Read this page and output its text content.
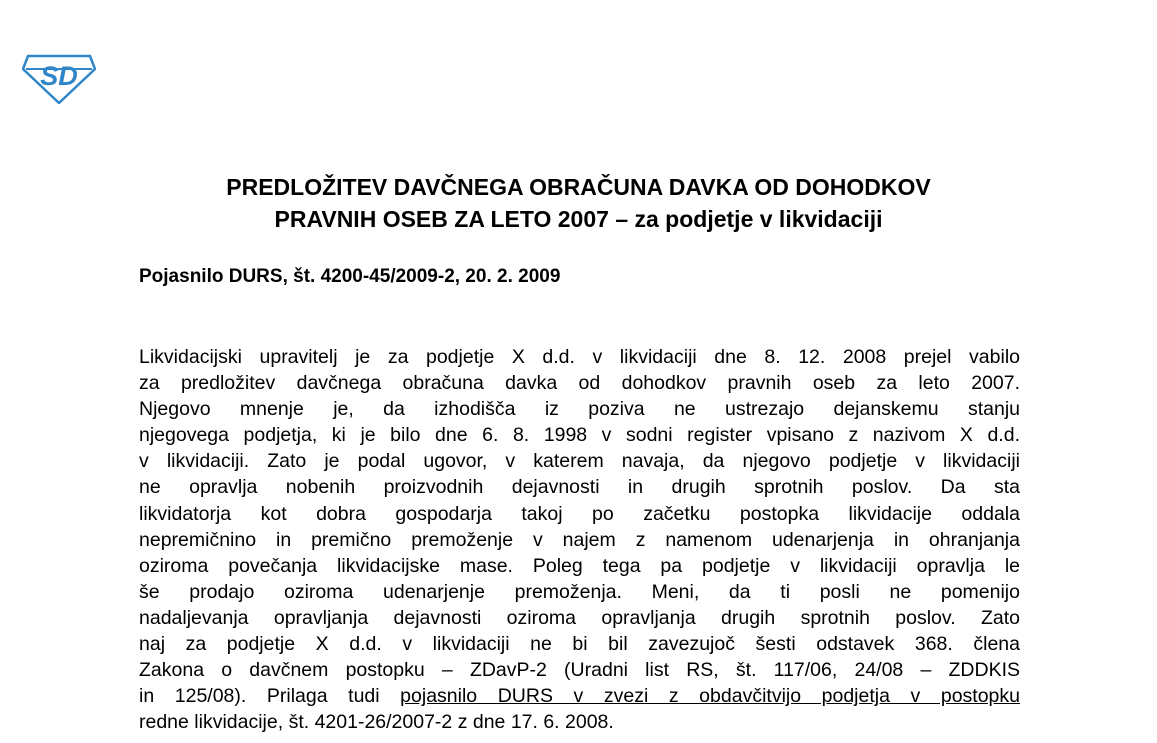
SD
PREDLOŽITEV DAVČNEGA OBRAČUNA DAVKA OD DOHODKOV
PRAVNIH OSEB ZA LETO 2007 – za podjetje v likvidaciji
Pojasnilo DURS, št. 4200-45/2009-2, 20. 2. 2009
Likvidacijski upravitelj je za podjetje X d.d. v likvidaciji dne 8. 12. 2008 prejel vabilo
za predložitev davčnega obračuna davka od dohodkov pravnih oseb za leto 2007.
Njegovo mnenje je, da izhodišča iz poziva ne ustrezajo dejanskemu stanju
njegovega podjetja, ki je bilo dne 6. 8. 1998 v sodni register vpisano z nazivom X d.d.
v likvidaciji. Zato je podal ugovor, v katerem navaja, da njegovo podjetje v likvidaciji
ne opravlja nobenih proizvodnih dejavnosti in drugih sprotnih poslov. Da sta
likvidatorja kot dobra gospodarja takoj po začetku postopka likvidacije oddala
nepremičnino in premično premoženje v najem z namenom udenarjenja in ohranjanja
oziroma povečanja likvidacijske mase. Poleg tega pa podjetje v likvidaciji opravlja le
še prodajo oziroma udenarjenje premoženja. Meni, da ti posli ne pomenijo
nadaljevanja opravljanja dejavnosti oziroma opravljanja drugih sprotnih poslov. Zato
naj za podjetje X d.d. v likvidaciji ne bi bil zavezujoč šesti odstavek 368. člena
Zakona o davčnem postopku – ZDavP-2 (Uradni list RS, št. 117/06, 24/08 – ZDDKIS
in 125/08). Prilaga tudi pojasnilo DURS v zvezi z obdavčitvijo podjetja v postopku
redne likvidacije, št. 4201-26/2007-2 z dne 17. 6. 2008.
